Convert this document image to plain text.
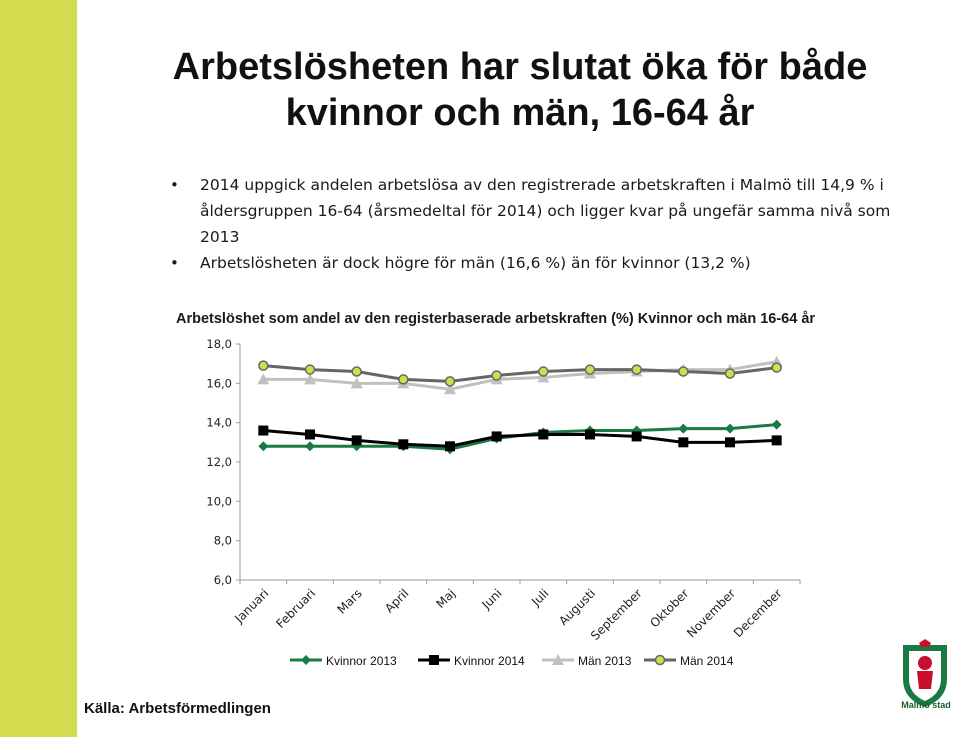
Arbetslösheten har slutat öka för både
kvinnor och män, 16-64 år
• 2014 uppgick andelen arbetslösa av den registrerade arbetskraften i Malmö till 14,9 % i åldersgruppen 16-64 (årsmedeltal för 2014) och ligger kvar på ungefär samma nivå som 2013
• Arbetslösheten är dock högre för män (16,6 %) än för kvinnor (13,2 %)
Arbetslöshet som andel av den registerbaserade arbetskraften (%) Kvinnor och män 16-64 år
6,0
8,0
10,0
12,0
14,0
16,0
18,0
Januari Februari Mars April Maj Juni Juli Augusti
September Oktober
November
December
Kvinnor 2013	Kvinnor 2014	Män 2013	Män 2014
Källa: Arbetsförmedlingen	Malmö stad
